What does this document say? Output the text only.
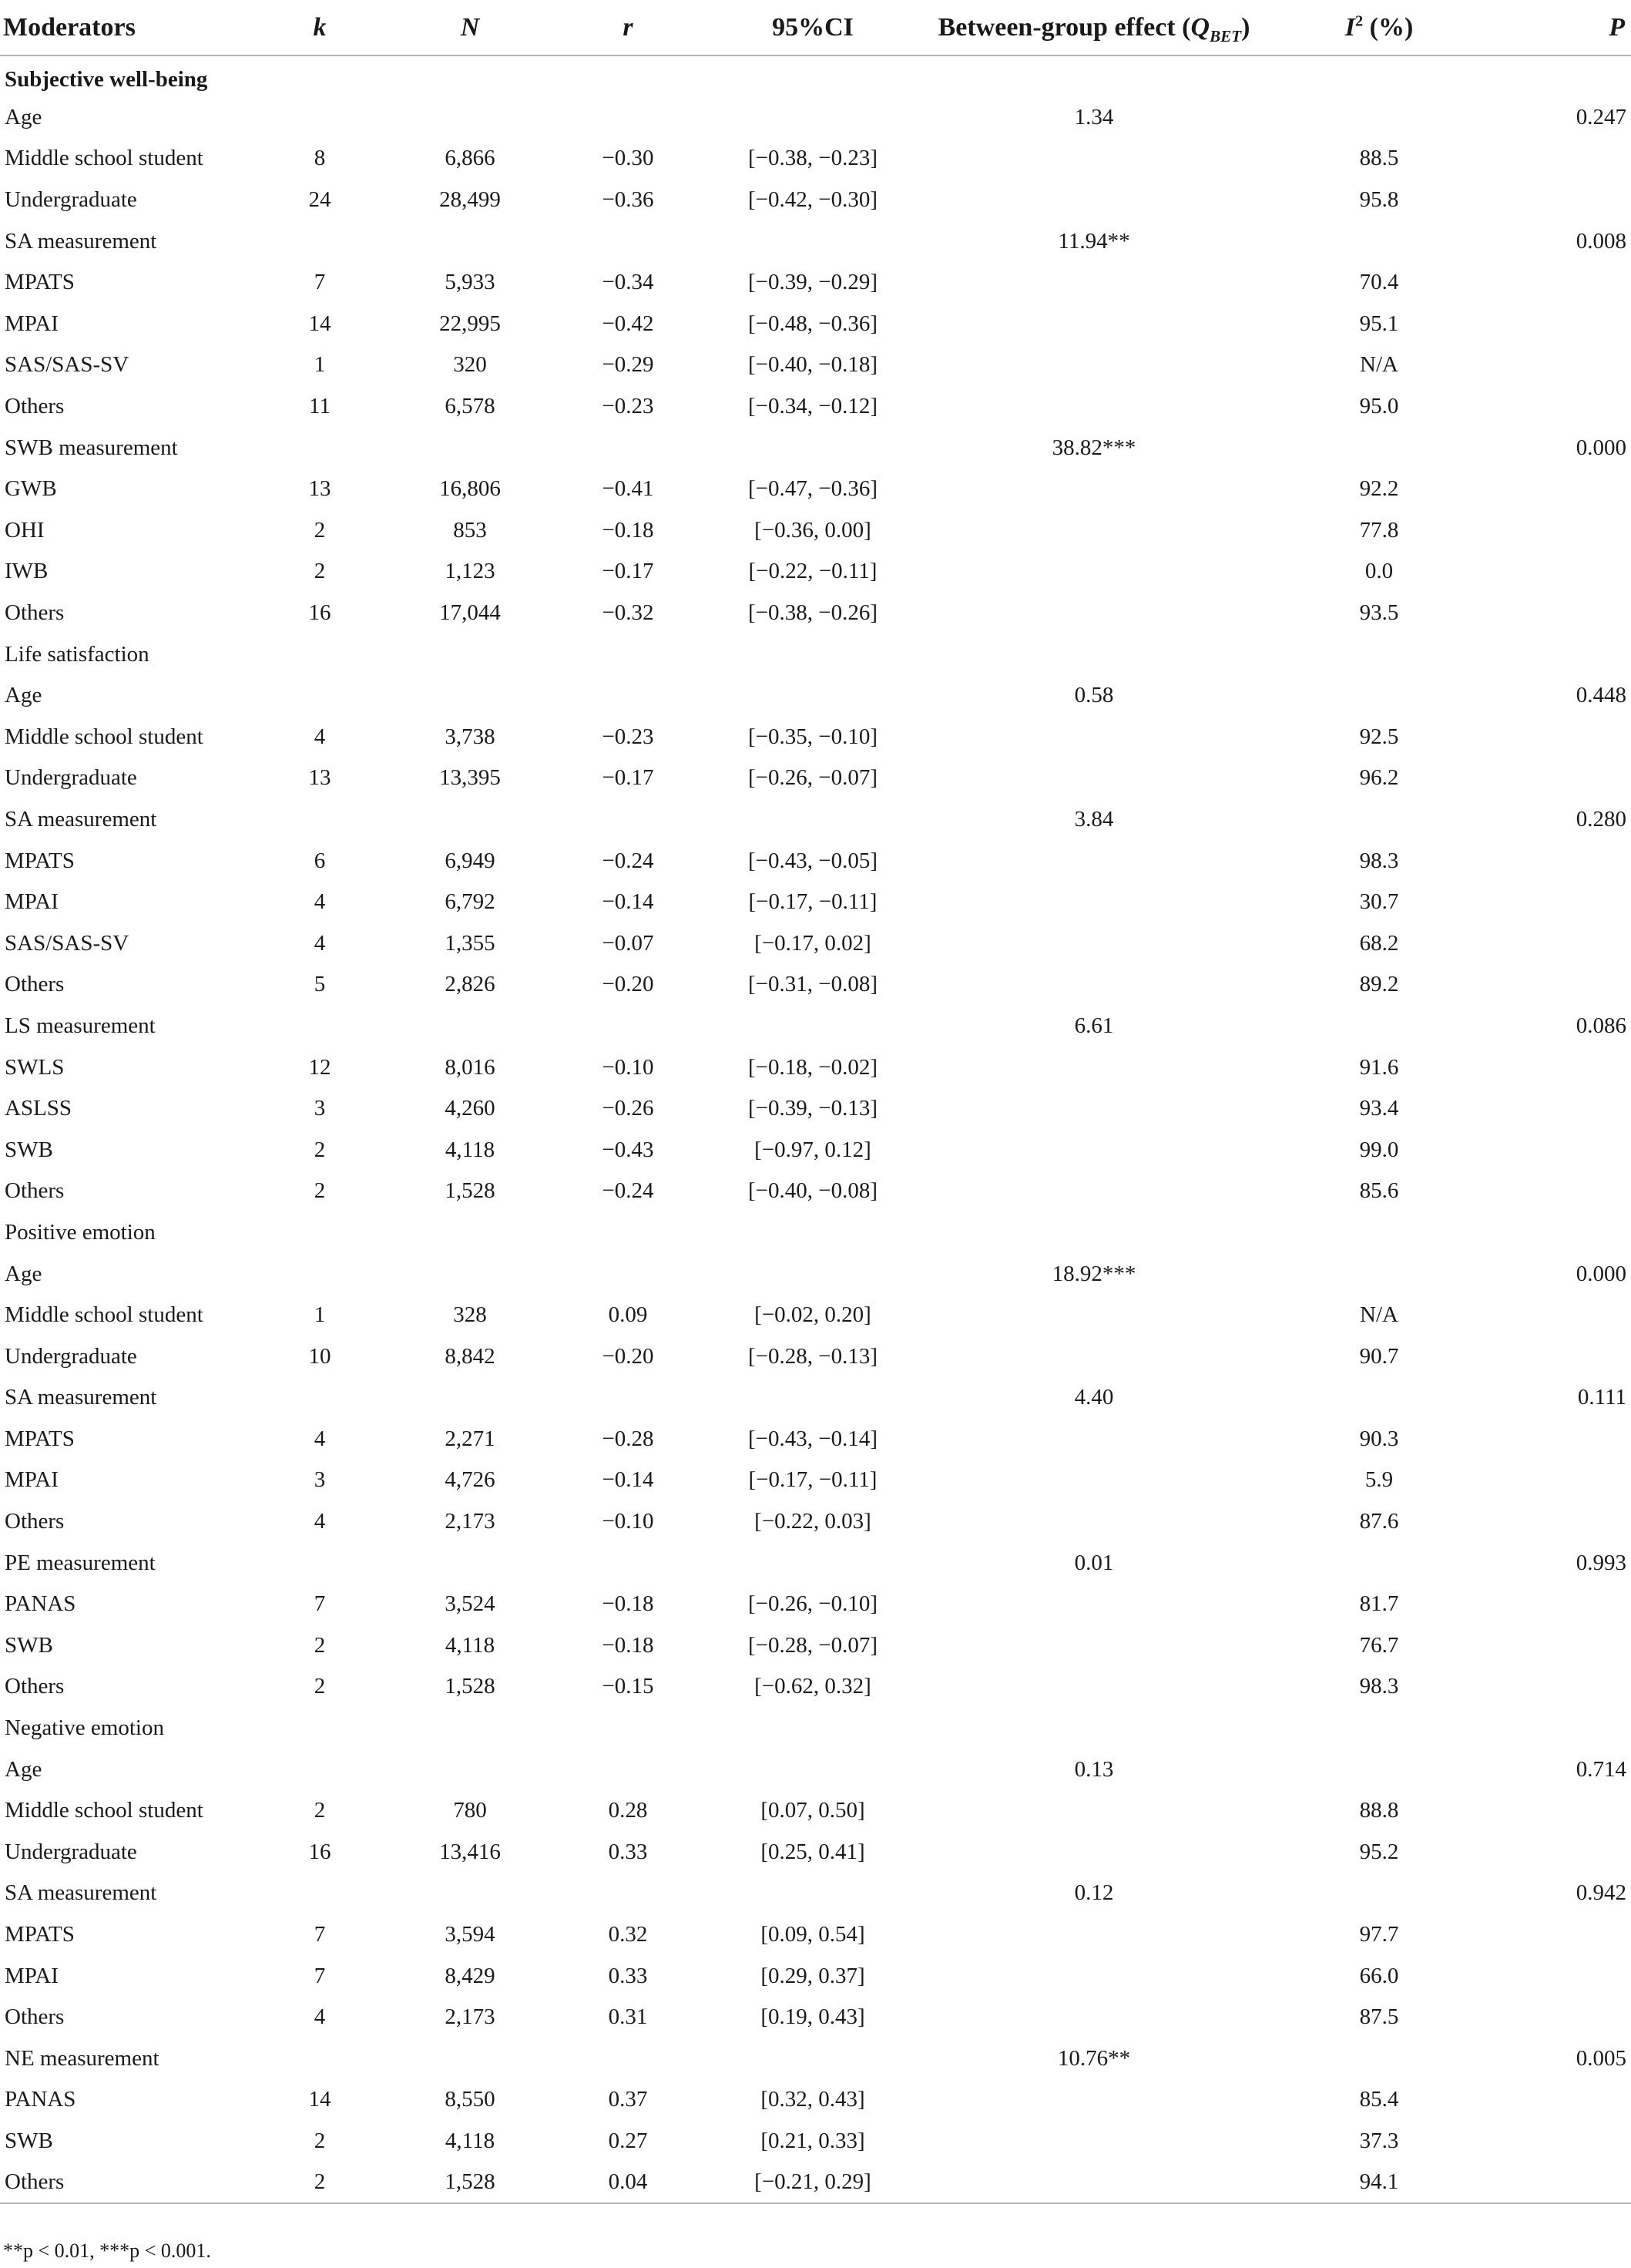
Moderators	k	N	r	95%CI	Between-group effect $(Q_{BET})$	$I^2$ (%)	P
Subjective well-being							
Age					1.34		0.247
Middle school student	8	6,866	−0.30	[−0.38, −0.23]		88.5	
Undergraduate	24	28,499	−0.36	[−0.42, −0.30]		95.8	
SA measurement					11.94**		0.008
MPATS	7	5,933	−0.34	[−0.39, −0.29]		70.4	
MPAI	14	22,995	−0.42	[−0.48, −0.36]		95.1	
SAS/SAS-SV	1	320	−0.29	[−0.40, −0.18]		N/A	
Others	11	6,578	−0.23	[−0.34, −0.12]		95.0	
SWB measurement					38.82***		0.000
GWB	13	16,806	−0.41	[−0.47, −0.36]		92.2	
OHI	2	853	−0.18	[−0.36, 0.00]		77.8	
IWB	2	1,123	−0.17	[−0.22, −0.11]		0.0	
Others	16	17,044	−0.32	[−0.38, −0.26]		93.5	
Life satisfaction							
Age					0.58		0.448
Middle school student	4	3,738	−0.23	[−0.35, −0.10]		92.5	
Undergraduate	13	13,395	−0.17	[−0.26, −0.07]		96.2	
SA measurement					3.84		0.280
MPATS	6	6,949	−0.24	[−0.43, −0.05]		98.3	
MPAI	4	6,792	−0.14	[−0.17, −0.11]		30.7	
SAS/SAS-SV	4	1,355	−0.07	[−0.17, 0.02]		68.2	
Others	5	2,826	−0.20	[−0.31, −0.08]		89.2	
LS measurement					6.61		0.086
SWLS	12	8,016	−0.10	[−0.18, −0.02]		91.6	
ASLSS	3	4,260	−0.26	[−0.39, −0.13]		93.4	
SWB	2	4,118	−0.43	[−0.97, 0.12]		99.0	
Others	2	1,528	−0.24	[−0.40, −0.08]		85.6	
Positive emotion							
Age					18.92***		0.000
Middle school student	1	328	0.09	[−0.02, 0.20]		N/A	
Undergraduate	10	8,842	−0.20	[−0.28, −0.13]		90.7	
SA measurement					4.40		0.111
MPATS	4	2,271	−0.28	[−0.43, −0.14]		90.3	
MPAI	3	4,726	−0.14	[−0.17, −0.11]		5.9	
Others	4	2,173	−0.10	[−0.22, 0.03]		87.6	
PE measurement					0.01		0.993
PANAS	7	3,524	−0.18	[−0.26, −0.10]		81.7	
SWB	2	4,118	−0.18	[−0.28, −0.07]		76.7	
Others	2	1,528	−0.15	[−0.62, 0.32]		98.3	
Negative emotion							
Age					0.13		0.714
Middle school student	2	780	0.28	[0.07, 0.50]		88.8	
Undergraduate	16	13,416	0.33	[0.25, 0.41]		95.2	
SA measurement					0.12		0.942
MPATS	7	3,594	0.32	[0.09, 0.54]		97.7	
MPAI	7	8,429	0.33	[0.29, 0.37]		66.0	
Others	4	2,173	0.31	[0.19, 0.43]		87.5	
NE measurement					10.76**		0.005
PANAS	14	8,550	0.37	[0.32, 0.43]		85.4	
SWB	2	4,118	0.27	[0.21, 0.33]		37.3	
Others	2	1,528	0.04	[−0.21, 0.29]		94.1	
**p < 0.01, ***p < 0.001.
